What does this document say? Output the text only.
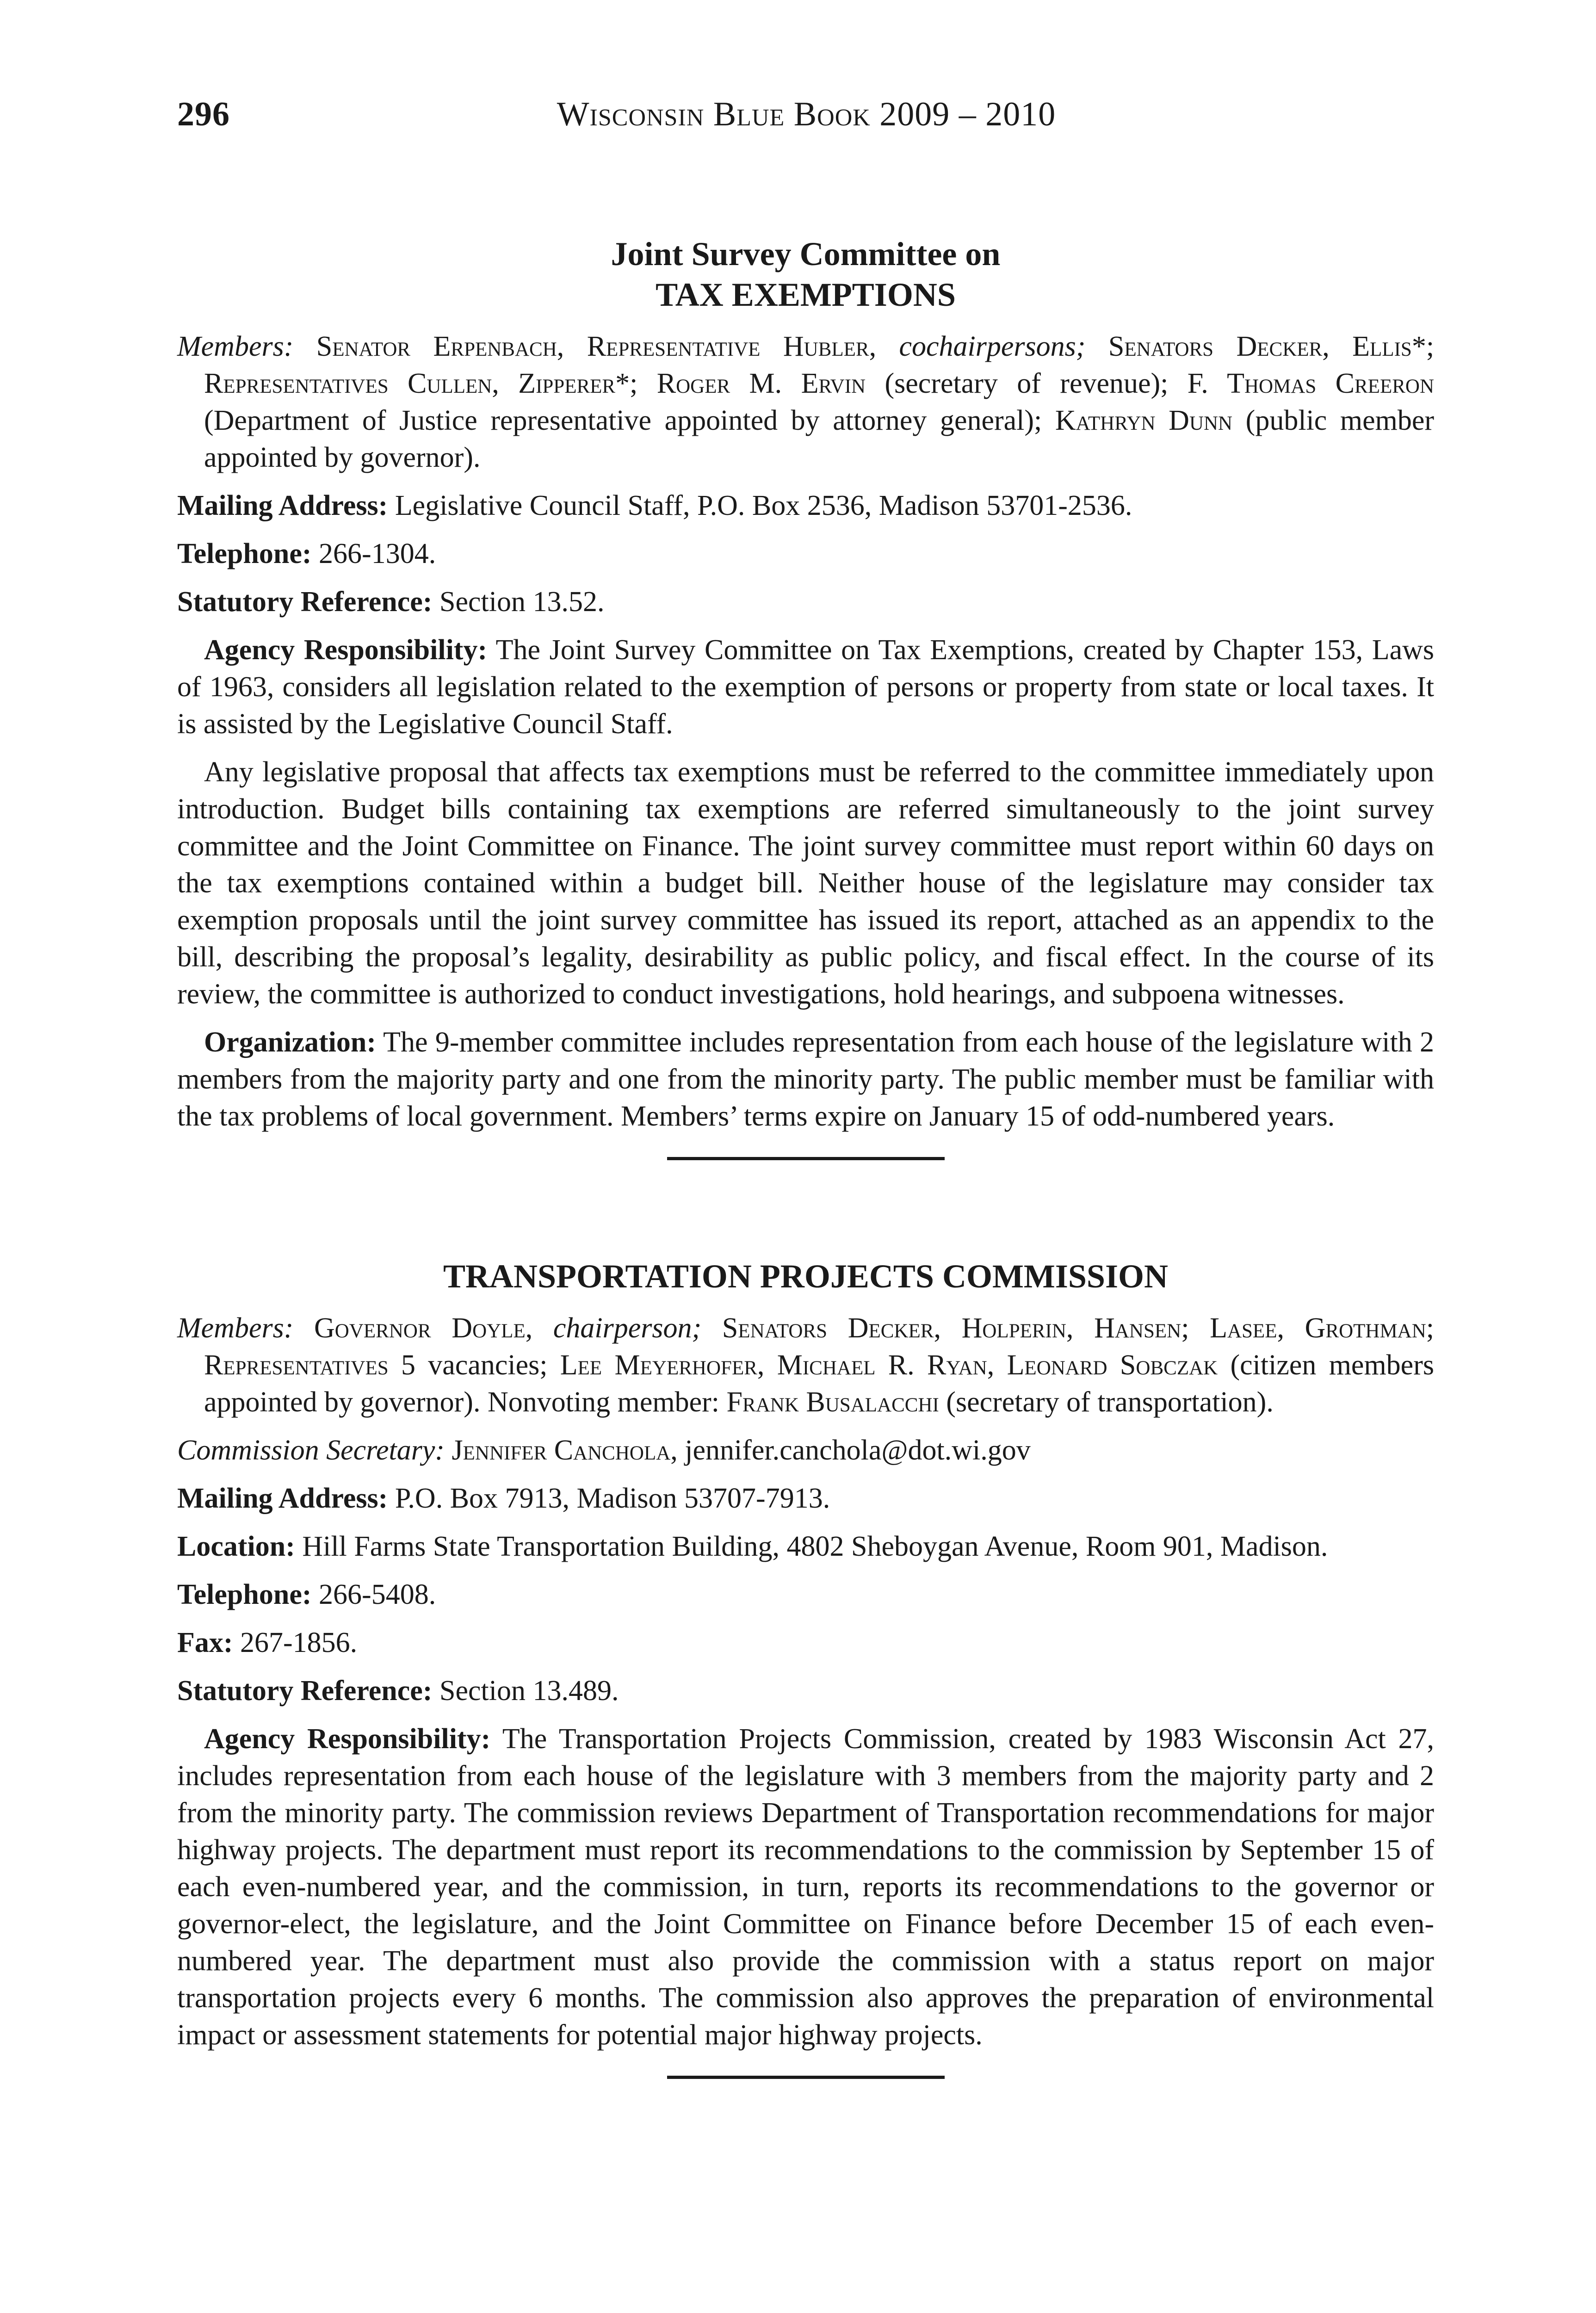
296	Wisconsin Blue Book 2009 – 2010

Joint Survey Committee on

TAX EXEMPTIONS

Members: Senator Erpenbach, Representative Hubler, cochairpersons; Senators Decker, Ellis*; Representatives Cullen, Zipperer*; Roger M. Ervin (secretary of revenue); F. Thomas Creeron (Department of Justice representative appointed by attorney general); Kathryn Dunn (public member appointed by governor).

Mailing Address: Legislative Council Staff, P.O. Box 2536, Madison 53701-2536.

Telephone: 266-1304.

Statutory Reference: Section 13.52.

Agency Responsibility: The Joint Survey Committee on Tax Exemptions, created by Chapter 153, Laws of 1963, considers all legislation related to the exemption of persons or property from state or local taxes. It is assisted by the Legislative Council Staff.

Any legislative proposal that affects tax exemptions must be referred to the committee immediately upon introduction. Budget bills containing tax exemptions are referred simultaneously to the joint survey committee and the Joint Committee on Finance. The joint survey committee must report within 60 days on the tax exemptions contained within a budget bill. Neither house of the legislature may consider tax exemption proposals until the joint survey committee has issued its report, attached as an appendix to the bill, describing the proposal’s legality, desirability as public policy, and fiscal effect. In the course of its review, the committee is authorized to conduct investigations, hold hearings, and subpoena witnesses.

Organization: The 9-member committee includes representation from each house of the legislature with 2 members from the majority party and one from the minority party. The public member must be familiar with the tax problems of local government. Members’ terms expire on January 15 of odd-numbered years.

TRANSPORTATION PROJECTS COMMISSION

Members: Governor Doyle, chairperson; Senators Decker, Holperin, Hansen; Lasee, Grothman; Representatives 5 vacancies; Lee Meyerhofer, Michael R. Ryan, Leonard Sobczak (citizen members appointed by governor). Nonvoting member: Frank Busalacchi (secretary of transportation).

Commission Secretary: Jennifer Canchola, jennifer.canchola@dot.wi.gov

Mailing Address: P.O. Box 7913, Madison 53707-7913.

Location: Hill Farms State Transportation Building, 4802 Sheboygan Avenue, Room 901, Madison.

Telephone: 266-5408.

Fax: 267-1856.

Statutory Reference: Section 13.489.

Agency Responsibility: The Transportation Projects Commission, created by 1983 Wisconsin Act 27, includes representation from each house of the legislature with 3 members from the majority party and 2 from the minority party. The commission reviews Department of Transportation recommendations for major highway projects. The department must report its recommendations to the commission by September 15 of each even-numbered year, and the commission, in turn, reports its recommendations to the governor or governor-elect, the legislature, and the Joint Committee on Finance before December 15 of each even-numbered year. The department must also provide the commission with a status report on major transportation projects every 6 months. The commission also approves the preparation of environmental impact or assessment statements for potential major highway projects.
